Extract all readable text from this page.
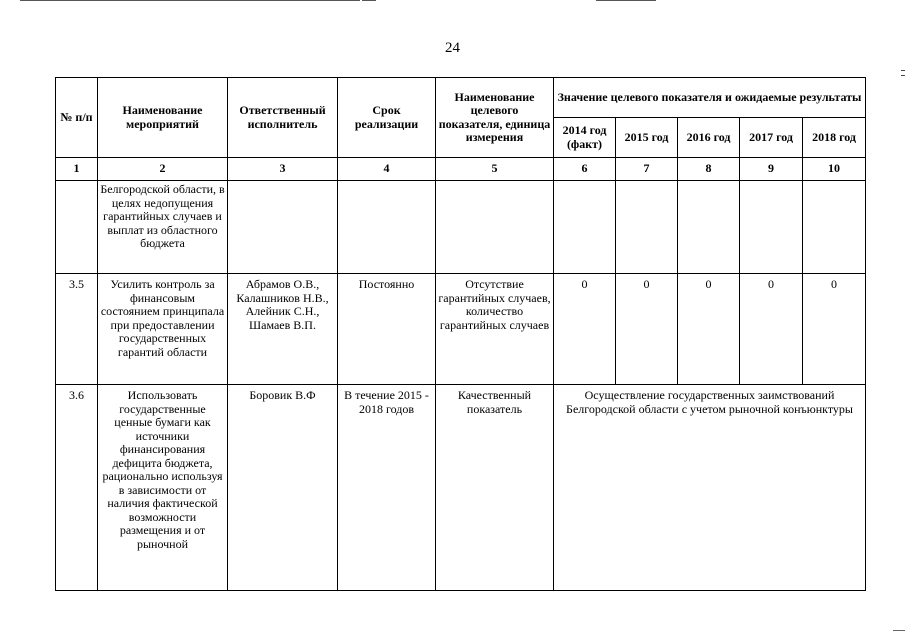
24
№ п/п	Наименование мероприятий	Ответственный исполнитель	Срок реализации	Наименование целевого показателя, единица измерения	Значение целевого показателя и ожидаемые результаты				
					2014 год (факт)	2015 год	2016 год	2017 год	2018 год
1	2	3	4	5	6	7	8	9	10
	Белгородской области, в целях недопущения гарантийных случаев и выплат из областного бюджета								
3.5	Усилить контроль за финансовым состоянием принципала при предоставлении государственных гарантий области	Абрамов О.В., Калашников Н.В., Алейник С.Н., Шамаев В.П.	Постоянно	Отсутствие гарантийных случаев, количество гарантийных случаев	0	0	0	0	0
3.6	Использовать государственные ценные бумаги как источники финансирования дефицита бюджета, рационально используя в зависимости от наличия фактической возможности размещения и от рыночной	Боровик В.Ф	В течение 2015 - 2018 годов	Качественный показатель	Осуществление государственных заимствований Белгородской области с учетом рыночной конъюнктуры				
